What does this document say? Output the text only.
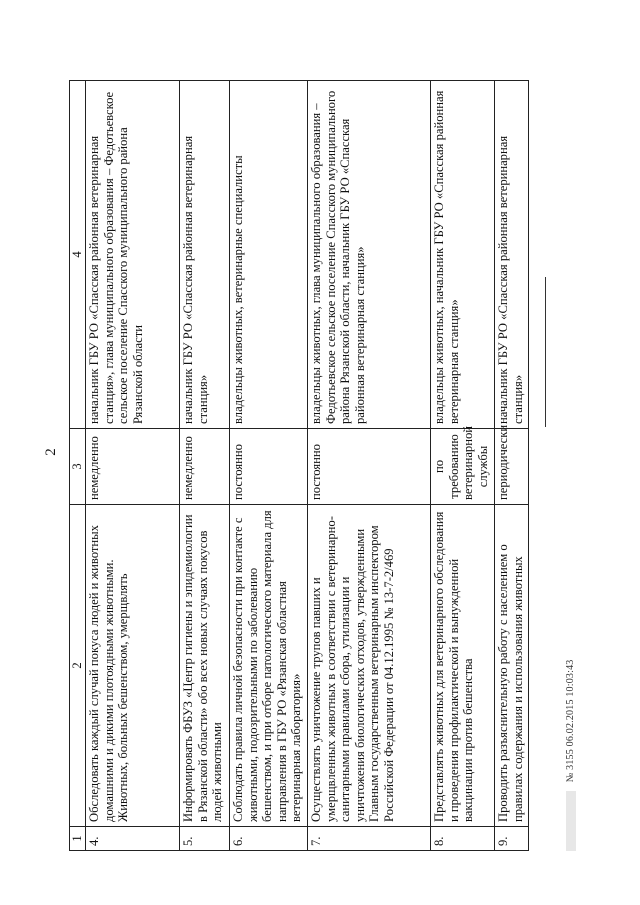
2
1	2	3	4
4.	Обследовать каждый случай покуса людей и животных домашними и дикими плотоядными животными. Животных, больных бешенством, умерщвлять	немедленно	начальник ГБУ РО «Спасская районная ветеринарная станция», глава муниципального образования – Федотьевское сельское поселение Спасского муниципального района Рязанской области
5.	Информировать ФБУЗ «Центр гигиены и эпидемиологии в Рязанской области» обо всех новых случаях покусов людей животными	немедленно	начальник ГБУ РО «Спасская районная ветеринарная станция»
6.	Соблюдать правила личной безопасности при контакте с животными, подозрительными по заболеванию бешенством, и при отборе патологического материала для направления в ГБУ РО «Рязанская областная ветеринарная лаборатория»	постоянно	владельцы животных, ветеринарные специалисты
7.	Осуществлять уничтожение трупов павших и умерщвленных животных в соответствии с ветеринарно-санитарными правилами сбора, утилизации и уничтожения биологических отходов, утвержденными Главным государственным ветеринарным инспектором Российской Федерации от 04.12.1995 № 13-7-2/469	постоянно	владельцы животных, глава муниципального образования – Федотьевское сельское поселение Спасского муниципального района Рязанской области, начальник ГБУ РО «Спасская районная ветеринарная станция»
8.	Представлять животных для ветеринарного обследования и проведения профилактической и вынужденной вакцинации против бешенства	по требованию ветеринарной службы	владельцы животных, начальник ГБУ РО «Спасская районная ветеринарная станция»
9.	Проводить разъяснительную работу с населением о правилах содержания и использования животных	периодически	начальник ГБУ РО «Спасская районная ветеринарная станция»
№ 3155 06.02.2015 10:03:43
